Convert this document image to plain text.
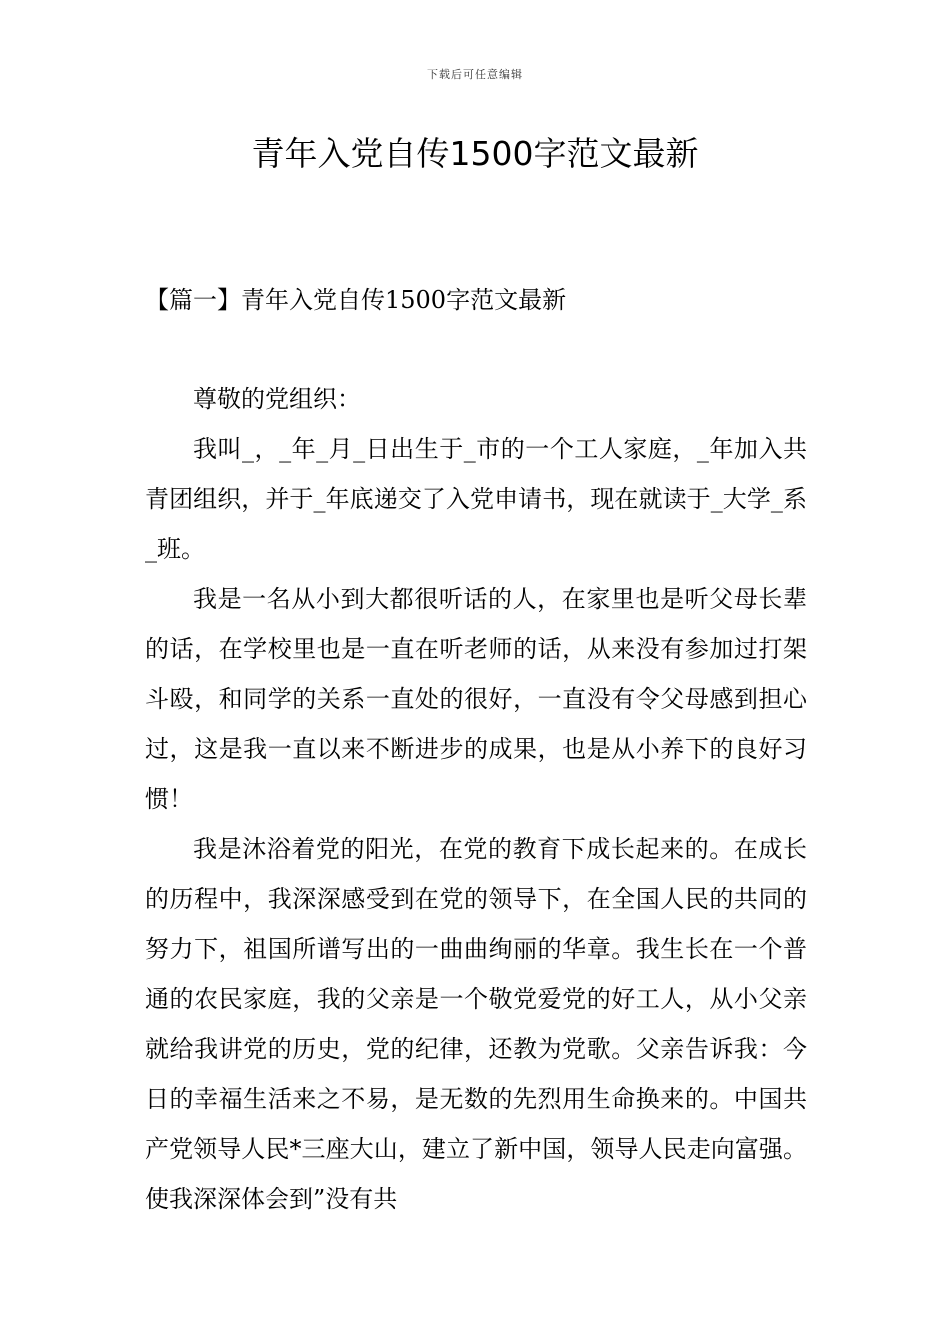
下载后可任意编辑
青年入党自传1500字范文最新
【篇一】青年入党自传1500字范文最新

尊敬的党组织：

我叫_，_年_月_日出生于_市的一个工人家庭，_年加入共青团组织，并于_年底递交了入党申请书，现在就读于_大学_系_班。

我是一名从小到大都很听话的人，在家里也是听父母长辈的话，在学校里也是一直在听老师的话，从来没有参加过打架斗殴，和同学的关系一直处的很好，一直没有令父母感到担心过，这是我一直以来不断进步的成果，也是从小养下的良好习惯！

我是沐浴着党的阳光，在党的教育下成长起来的。在成长的历程中，我深深感受到在党的领导下，在全国人民的共同的努力下，祖国所谱写出的一曲曲绚丽的华章。我生长在一个普通的农民家庭，我的父亲是一个敬党爱党的好工人，从小父亲就给我讲党的历史，党的纪律，还教为党歌。父亲告诉我：今日的幸福生活来之不易，是无数的先烈用生命换来的。中国共产党领导人民*三座大山，建立了新中国，领导人民走向富强。使我深深体会到”没有共
